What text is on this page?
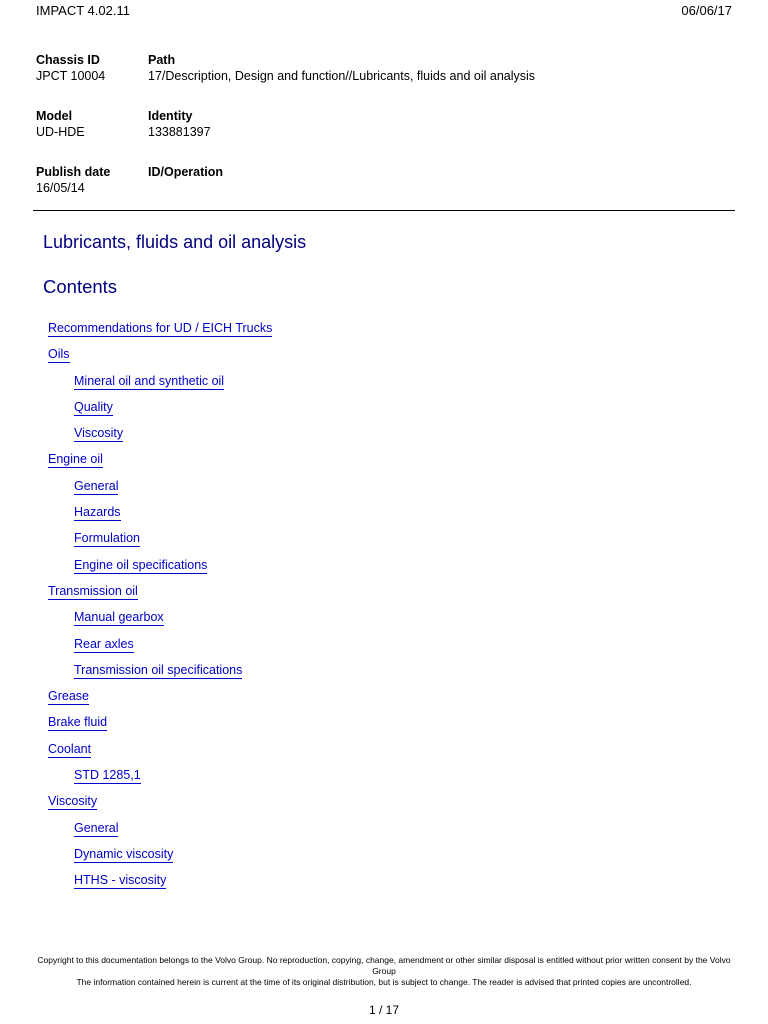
IMPACT 4.02.11	06/06/17
Chassis ID
JPCT 10004
Path
17/Description, Design and function//Lubricants, fluids and oil analysis
Model
UD-HDE
Identity
133881397
Publish date
16/05/14
ID/Operation
Lubricants, fluids and oil analysis
Contents
Recommendations for UD / EICH Trucks
Oils
Mineral oil and synthetic oil
Quality
Viscosity
Engine oil
General
Hazards
Formulation
Engine oil specifications
Transmission oil
Manual gearbox
Rear axles
Transmission oil specifications
Grease
Brake fluid
Coolant
STD 1285,1
Viscosity
General
Dynamic viscosity
HTHS - viscosity

Copyright to this documentation belongs to the Volvo Group. No reproduction, copying, change, amendment or other similar disposal is entitled without prior written consent by the Volvo Group

The information contained herein is current at the time of its original distribution, but is subject to change. The reader is advised that printed copies are uncontrolled.

1 / 17
